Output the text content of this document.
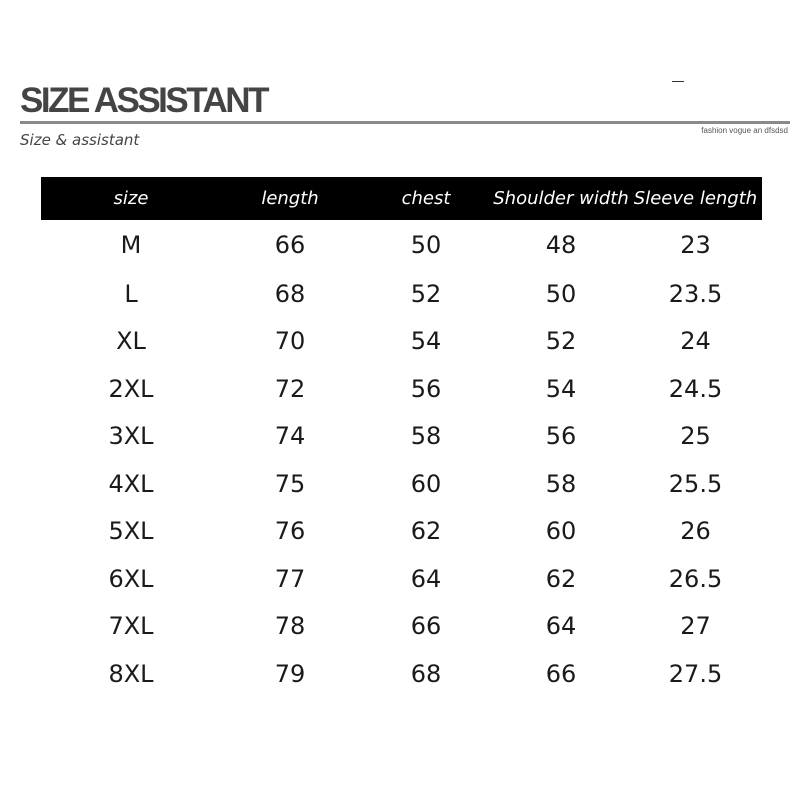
SIZE ASSISTANT
Size & assistant
fashion vogue an dfsdsd
size	length	chest	Shoulder width	Sleeve length
M	66	50	48	23
L	68	52	50	23.5
XL	70	54	52	24
2XL	72	56	54	24.5
3XL	74	58	56	25
4XL	75	60	58	25.5
5XL	76	62	60	26
6XL	77	64	62	26.5
7XL	78	66	64	27
8XL	79	68	66	27.5
